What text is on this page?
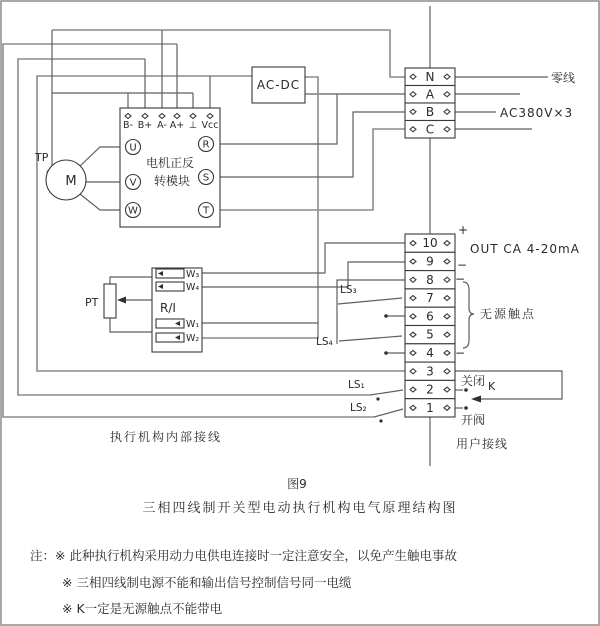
M
TP
B- B+ A- A+ ⊥ Vcc
U
V
W
R
S
T
电机正反
转模块
AC-DC
W₃
W₄
W₁
W₂
R/I
PT
N
A
B
C
10
9
8
7
6
5
4
3
2
1
零线
AC380V×3
+
−
−
−
OUT CA 4-20mA
无源触点
关闭 K
开阀
用户接线
LS₃
LS₄
LS₁
LS₂
执行机构内部接线
图9
三相四线制开关型电动执行机构电气原理结构图
注：※ 此种执行机构采用动力电供电连接时一定注意安全，以免产生触电事故
※ 三相四线制电源不能和输出信号控制信号同一电缆
※ K一定是无源触点不能带电
